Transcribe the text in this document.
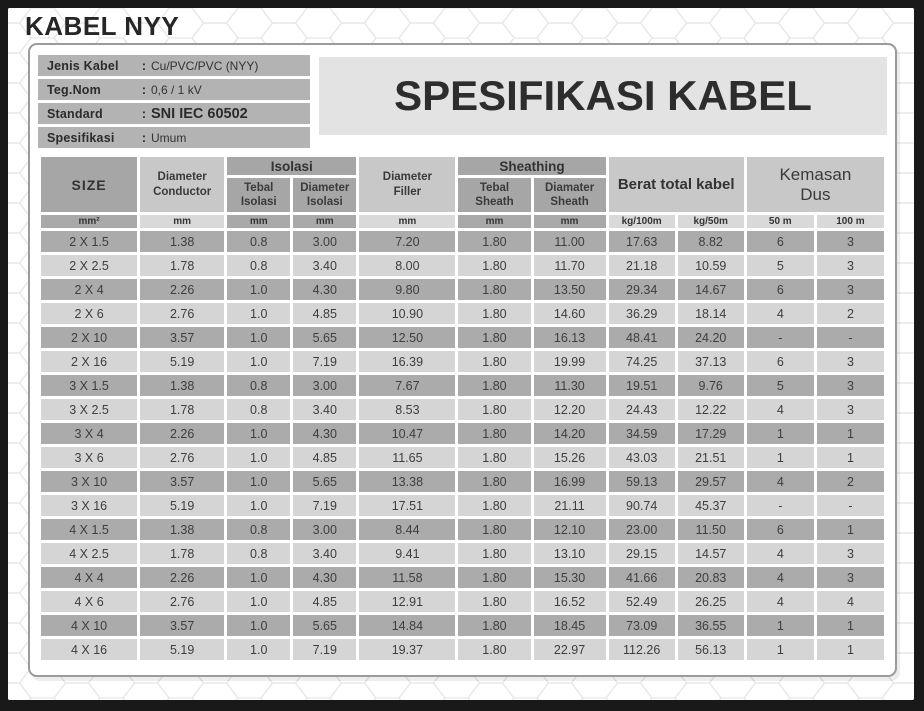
KABEL NYY
Jenis Kabel	: Cu/PVC/PVC (NYY)
Teg.Nom	: 0,6 / 1 kV
Standard	: SNI IEC 60502
Spesifikasi	: Umum
SPESIFIKASI KABEL
SIZE	Diameter Conductor	Isolasi		Diameter Filler	Sheathing		Berat total kabel		Kemasan Dus	
		Tebal Isolasi	Diameter Isolasi		Tebal Sheath	Diamater Sheath				
mm²	mm	mm	mm	mm	mm	mm	kg/100m	kg/50m	50 m	100 m
2 X 1.5	1.38	0.8	3.00	7.20	1.80	11.00	17.63	8.82	6	3
2 X 2.5	1.78	0.8	3.40	8.00	1.80	11.70	21.18	10.59	5	3
2 X 4	2.26	1.0	4.30	9.80	1.80	13.50	29.34	14.67	6	3
2 X 6	2.76	1.0	4.85	10.90	1.80	14.60	36.29	18.14	4	2
2 X 10	3.57	1.0	5.65	12.50	1.80	16.13	48.41	24.20	-	-
2 X 16	5.19	1.0	7.19	16.39	1.80	19.99	74.25	37.13	6	3
3 X 1.5	1.38	0.8	3.00	7.67	1.80	11.30	19.51	9.76	5	3
3 X 2.5	1.78	0.8	3.40	8.53	1.80	12.20	24.43	12.22	4	3
3 X 4	2.26	1.0	4.30	10.47	1.80	14.20	34.59	17.29	1	1
3 X 6	2.76	1.0	4.85	11.65	1.80	15.26	43.03	21.51	1	1
3 X 10	3.57	1.0	5.65	13.38	1.80	16.99	59.13	29.57	4	2
3 X 16	5.19	1.0	7.19	17.51	1.80	21.11	90.74	45.37	-	-
4 X 1.5	1.38	0.8	3.00	8.44	1.80	12.10	23.00	11.50	6	1
4 X 2.5	1.78	0.8	3.40	9.41	1.80	13.10	29.15	14.57	4	3
4 X 4	2.26	1.0	4.30	11.58	1.80	15.30	41.66	20.83	4	3
4 X 6	2.76	1.0	4.85	12.91	1.80	16.52	52.49	26.25	4	4
4 X 10	3.57	1.0	5.65	14.84	1.80	18.45	73.09	36.55	1	1
4 X 16	5.19	1.0	7.19	19.37	1.80	22.97	112.26	56.13	1	1
